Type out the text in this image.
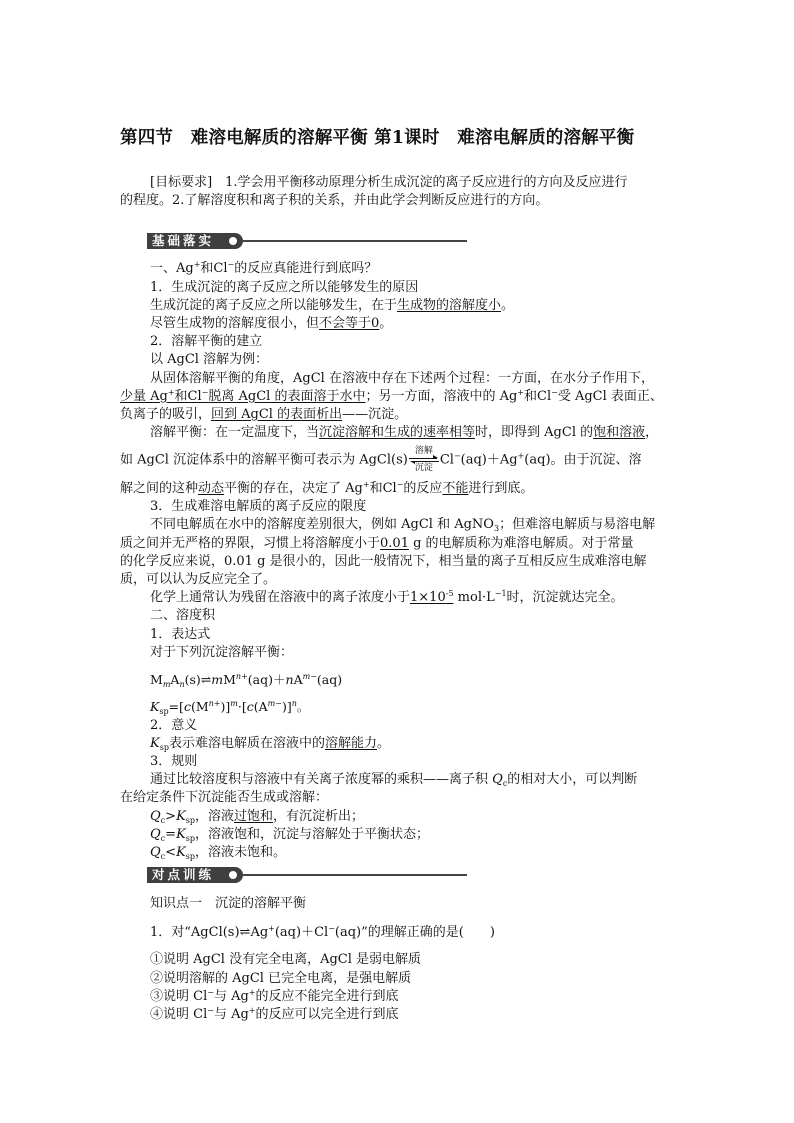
第四节　难溶电解质的溶解平衡 第1课时　难溶电解质的溶解平衡
[目标要求]　1.学会用平衡移动原理分析生成沉淀的离子反应进行的方向及反应进行
的程度。2.了解溶度积和离子积的关系，并由此学会判断反应进行的方向。
基础落实
一、Ag+和Cl−的反应真能进行到底吗？
1．生成沉淀的离子反应之所以能够发生的原因
生成沉淀的离子反应之所以能够发生，在于生成物的溶解度小。
尽管生成物的溶解度很小，但不会等于0。
2．溶解平衡的建立
以 AgCl 溶解为例：
从固体溶解平衡的角度，AgCl 在溶液中存在下述两个过程：一方面，在水分子作用下，
少量 Ag+和Cl−脱离 AgCl 的表面溶于水中；另一方面，溶液中的 Ag+和Cl−受 AgCl 表面正、
负离子的吸引，回到 AgCl 的表面析出——沉淀。
溶解平衡：在一定温度下，当沉淀溶解和生成的速率相等时，即得到 AgCl 的饱和溶液，
如 AgCl 沉淀体系中的溶解平衡可表示为 AgCl(s)
溶解
沉淀
Cl−(aq)＋Ag+(aq)。由于沉淀、溶
解之间的这种动态平衡的存在，决定了 Ag+和Cl−的反应不能进行到底。
3．生成难溶电解质的离子反应的限度
不同电解质在水中的溶解度差别很大，例如 AgCl 和 AgNO$_3$；但难溶电解质与易溶电解
质之间并无严格的界限，习惯上将溶解度小于0.01 g 的电解质称为难溶电解质。对于常量
的化学反应来说，0.01 g 是很小的，因此一般情况下，相当量的离子互相反应生成难溶电解
质，可以认为反应完全了。
化学上通常认为残留在溶液中的离子浓度小于$1\times 10^{-5}$ $mol\cdot L^{-1}$时，沉淀就达完全。
二、溶度积
1．表达式
对于下列沉淀溶解平衡：
$M_mA_n(s)\rightleftharpoons mM^{n+}(aq)+nA^{m-}(aq)$
$K_{sp}=[c(M^{n+})]^m\cdot[c(A^{m-})]^n$。
2．意义
$K_{sp}$表示难溶电解质在溶液中的溶解能力。
3．规则
通过比较溶度积与溶液中有关离子浓度幂的乘积——离子积 $Q_c$的相对大小，可以判断
在给定条件下沉淀能否生成或溶解：
$Q_c>K_{sp}$，溶液过饱和，有沉淀析出；
$Q_c=K_{sp}$，溶液饱和，沉淀与溶解处于平衡状态；
$Q_c<K_{sp}$，溶液未饱和。
对点训练
知识点一　沉淀的溶解平衡
1．对“AgCl(s)⇌Ag+(aq)＋Cl−(aq)”的理解正确的是(　　)
①说明 AgCl 没有完全电离，AgCl 是弱电解质
②说明溶解的 AgCl 已完全电离，是强电解质
③说明 Cl−与 Ag+的反应不能完全进行到底
④说明 Cl−与 Ag+的反应可以完全进行到底
